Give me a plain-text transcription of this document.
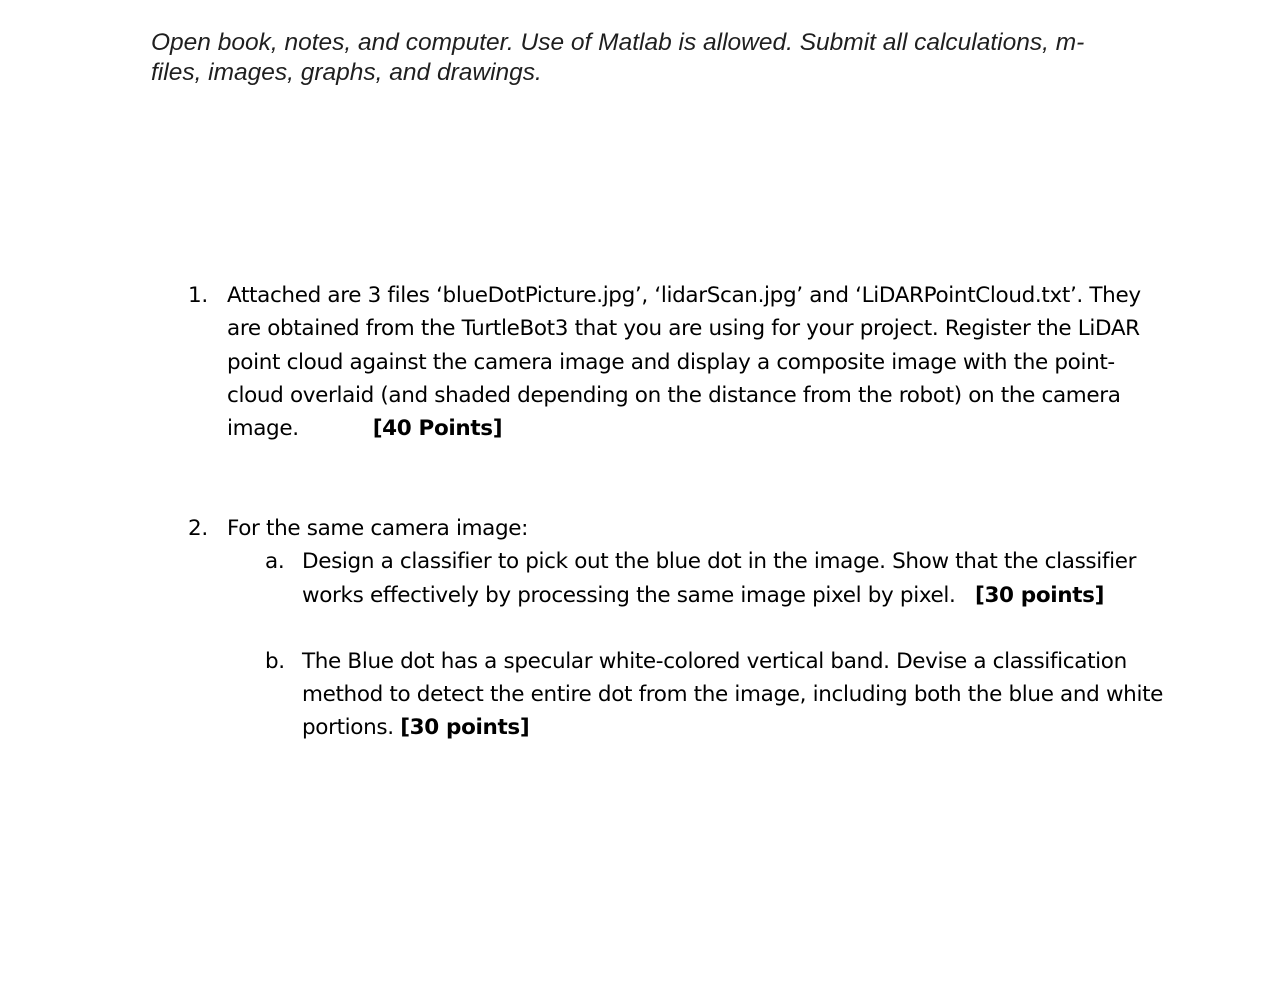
Open book, notes, and computer. Use of Matlab is allowed. Submit all calculations, m-
files, images, graphs, and drawings.
1. Attached are 3 files ‘blueDotPicture.jpg’, ‘lidarScan.jpg’ and ‘LiDARPointCloud.txt’. They are obtained from the TurtleBot3 that you are using for your project. Register the LiDAR point cloud against the camera image and display a composite image with the point-cloud overlaid (and shaded depending on the distance from the robot) on the camera image.	[40 Points]
2. For the same camera image:
a. Design a classifier to pick out the blue dot in the image. Show that the classifier works effectively by processing the same image pixel by pixel. [30 points]
b. The Blue dot has a specular white-colored vertical band. Devise a classification method to detect the entire dot from the image, including both the blue and white portions. [30 points]
